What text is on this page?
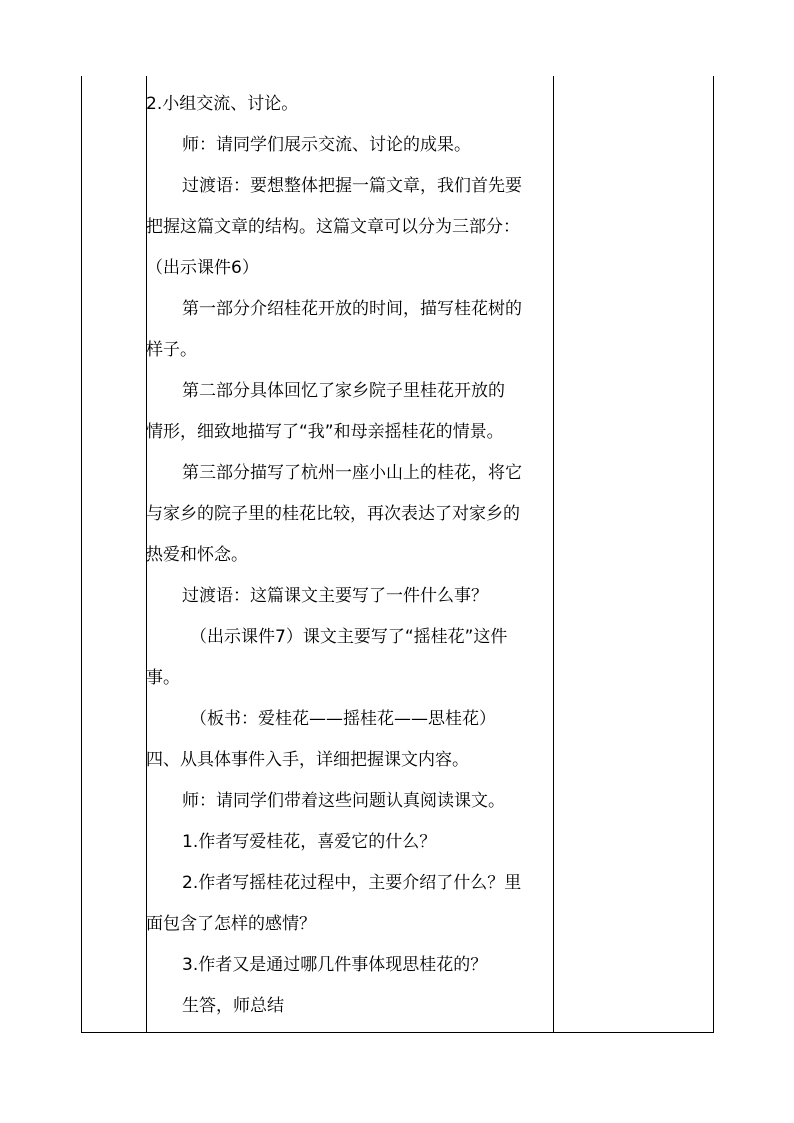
2.小组交流、讨论。
师：请同学们展示交流、讨论的成果。
过渡语：要想整体把握一篇文章，我们首先要
把握这篇文章的结构。这篇文章可以分为三部分：
（出示课件6）
第一部分介绍桂花开放的时间，描写桂花树的
样子。
第二部分具体回忆了家乡院子里桂花开放的
情形，细致地描写了“我”和母亲摇桂花的情景。
第三部分描写了杭州一座小山上的桂花，将它
与家乡的院子里的桂花比较，再次表达了对家乡的
热爱和怀念。
过渡语：这篇课文主要写了一件什么事？
（出示课件7）课文主要写了“摇桂花”这件
事。
（板书：爱桂花——摇桂花——思桂花）
四、从具体事件入手，详细把握课文内容。
师：请同学们带着这些问题认真阅读课文。
1.作者写爱桂花，喜爱它的什么？
2.作者写摇桂花过程中，主要介绍了什么？里
面包含了怎样的感情？
3.作者又是通过哪几件事体现思桂花的？
生答，师总结
